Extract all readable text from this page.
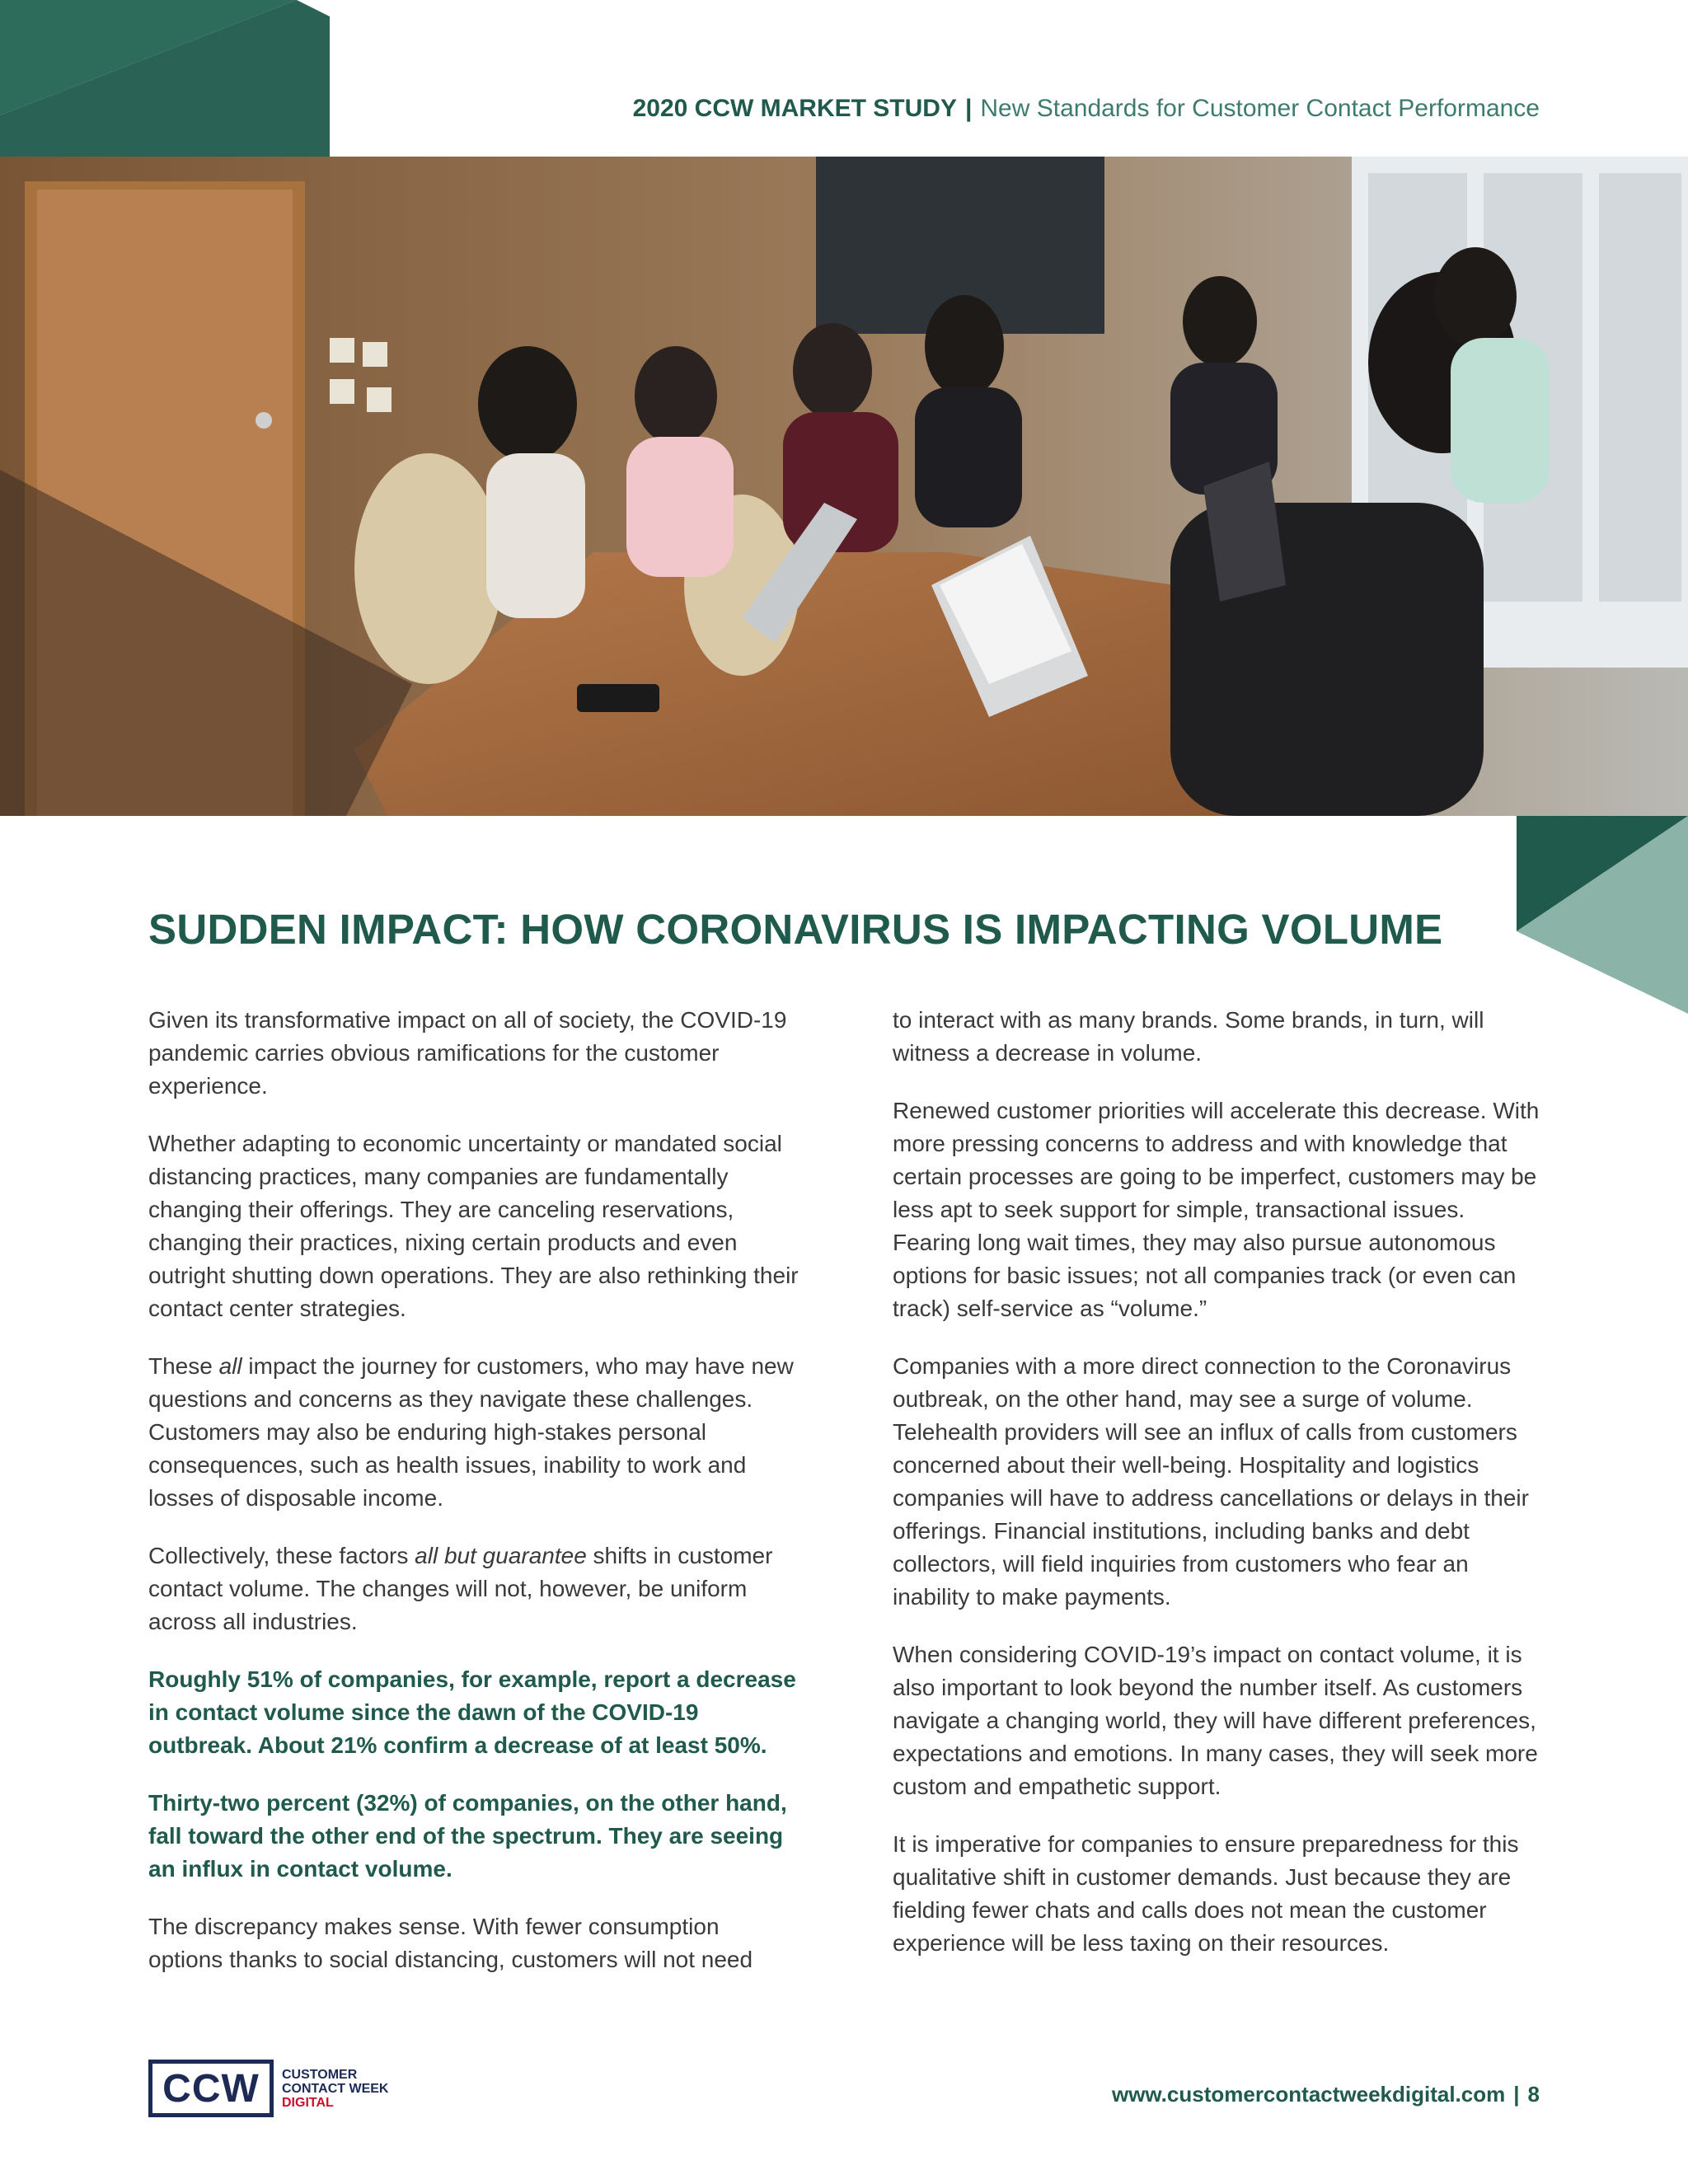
2020 CCW MARKET STUDY | New Standards for Customer Contact Performance
SUDDEN IMPACT: HOW CORONAVIRUS IS IMPACTING VOLUME

Given its transformative impact on all of society, the COVID-19 pandemic carries obvious ramifications for the customer experience.

Whether adapting to economic uncertainty or mandated social distancing practices, many companies are fundamentally changing their offerings. They are canceling reservations, changing their practices, nixing certain products and even outright shutting down operations. They are also rethinking their contact center strategies.

These all impact the journey for customers, who may have new questions and concerns as they navigate these challenges. Customers may also be enduring high-stakes personal consequences, such as health issues, inability to work and losses of disposable income.

Collectively, these factors all but guarantee shifts in customer contact volume. The changes will not, however, be uniform across all industries.

Roughly 51% of companies, for example, report a decrease in contact volume since the dawn of the COVID-19 outbreak. About 21% confirm a decrease of at least 50%.

Thirty-two percent (32%) of companies, on the other hand, fall toward the other end of the spectrum. They are seeing an influx in contact volume.

The discrepancy makes sense. With fewer consumption options thanks to social distancing, customers will not need

to interact with as many brands. Some brands, in turn, will witness a decrease in volume.

Renewed customer priorities will accelerate this decrease. With more pressing concerns to address and with knowledge that certain processes are going to be imperfect, customers may be less apt to seek support for simple, transactional issues. Fearing long wait times, they may also pursue autonomous options for basic issues; not all companies track (or even can track) self-service as “volume.”

Companies with a more direct connection to the Coronavirus outbreak, on the other hand, may see a surge of volume. Telehealth providers will see an influx of calls from customers concerned about their well-being. Hospitality and logistics companies will have to address cancellations or delays in their offerings. Financial institutions, including banks and debt collectors, will field inquiries from customers who fear an inability to make payments.

When considering COVID-19’s impact on contact volume, it is also important to look beyond the number itself. As customers navigate a changing world, they will have different preferences, expectations and emotions. In many cases, they will seek more custom and empathetic support.

It is imperative for companies to ensure preparedness for this qualitative shift in customer demands. Just because they are fielding fewer chats and calls does not mean the customer experience will be less taxing on their resources.

CCW	CUSTOMER
CONTACT WEEK
DIGITAL	www.customercontactweekdigital.com | 8
